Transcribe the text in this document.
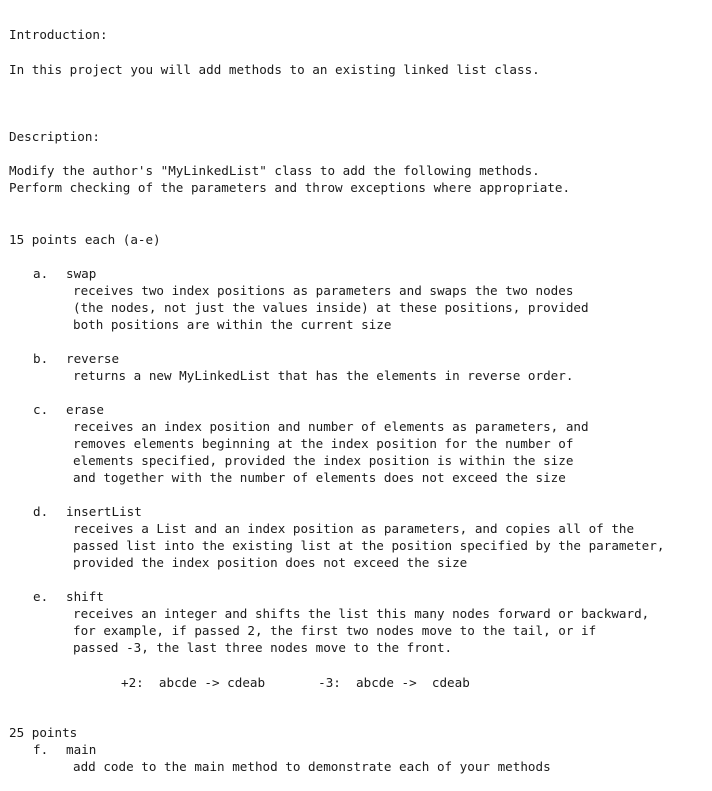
Introduction:
In this project you will add methods to an existing linked list class.
Description:
Modify the author's "MyLinkedList" class to add the following methods.
Perform checking of the parameters and throw exceptions where appropriate.
15 points each (a-e)
a. swap
receives two index positions as parameters and swaps the two nodes
(the nodes, not just the values inside) at these positions, provided
both positions are within the current size
b. reverse
returns a new MyLinkedList that has the elements in reverse order.
c. erase
receives an index position and number of elements as parameters, and
removes elements beginning at the index position for the number of
elements specified, provided the index position is within the size
and together with the number of elements does not exceed the size
d. insertList
receives a List and an index position as parameters, and copies all of the
passed list into the existing list at the position specified by the parameter,
provided the index position does not exceed the size
e. shift
receives an integer and shifts the list this many nodes forward or backward,
for example, if passed 2, the first two nodes move to the tail, or if
passed -3, the last three nodes move to the front.
+2:  abcde -> cdeab       -3:  abcde ->  cdeab
25 points
f. main
add code to the main method to demonstrate each of your methods
